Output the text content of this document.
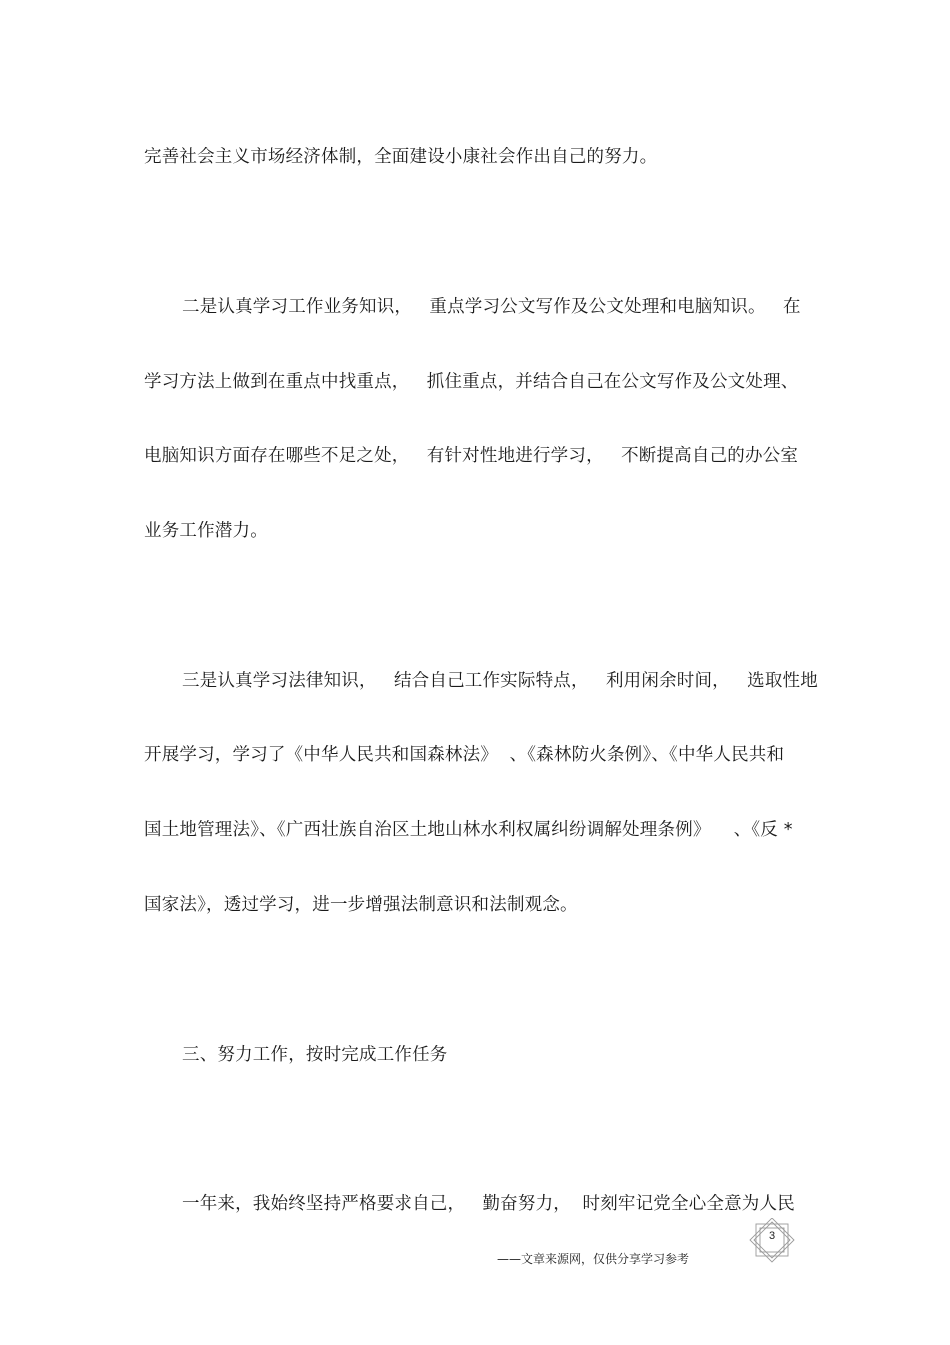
完善社会主义市场经济体制，全面建设小康社会作出自己的努力。
二是认真学习工作业务知识，   重点学习公文写作及公文处理和电脑知识。   在
学习方法上做到在重点中找重点，   抓住重点，并结合自己在公文写作及公文处理、
电脑知识方面存在哪些不足之处，   有针对性地进行学习，   不断提高自己的办公室
业务工作潜力。
三是认真学习法律知识，   结合自己工作实际特点，   利用闲余时间，   选取性地
开展学习，学习了《中华人民共和国森林法》  、《森林防火条例》、《中华人民共和
国土地管理法》、《广西壮族自治区土地山林水利权属纠纷调解处理条例》    、《反 *
国家法》，透过学习，进一步增强法制意识和法制观念。
三、努力工作，按时完成工作任务
一年来，我始终坚持严格要求自己，   勤奋努力，  时刻牢记党全心全意为人民
3
——文章来源网，仅供分享学习参考
